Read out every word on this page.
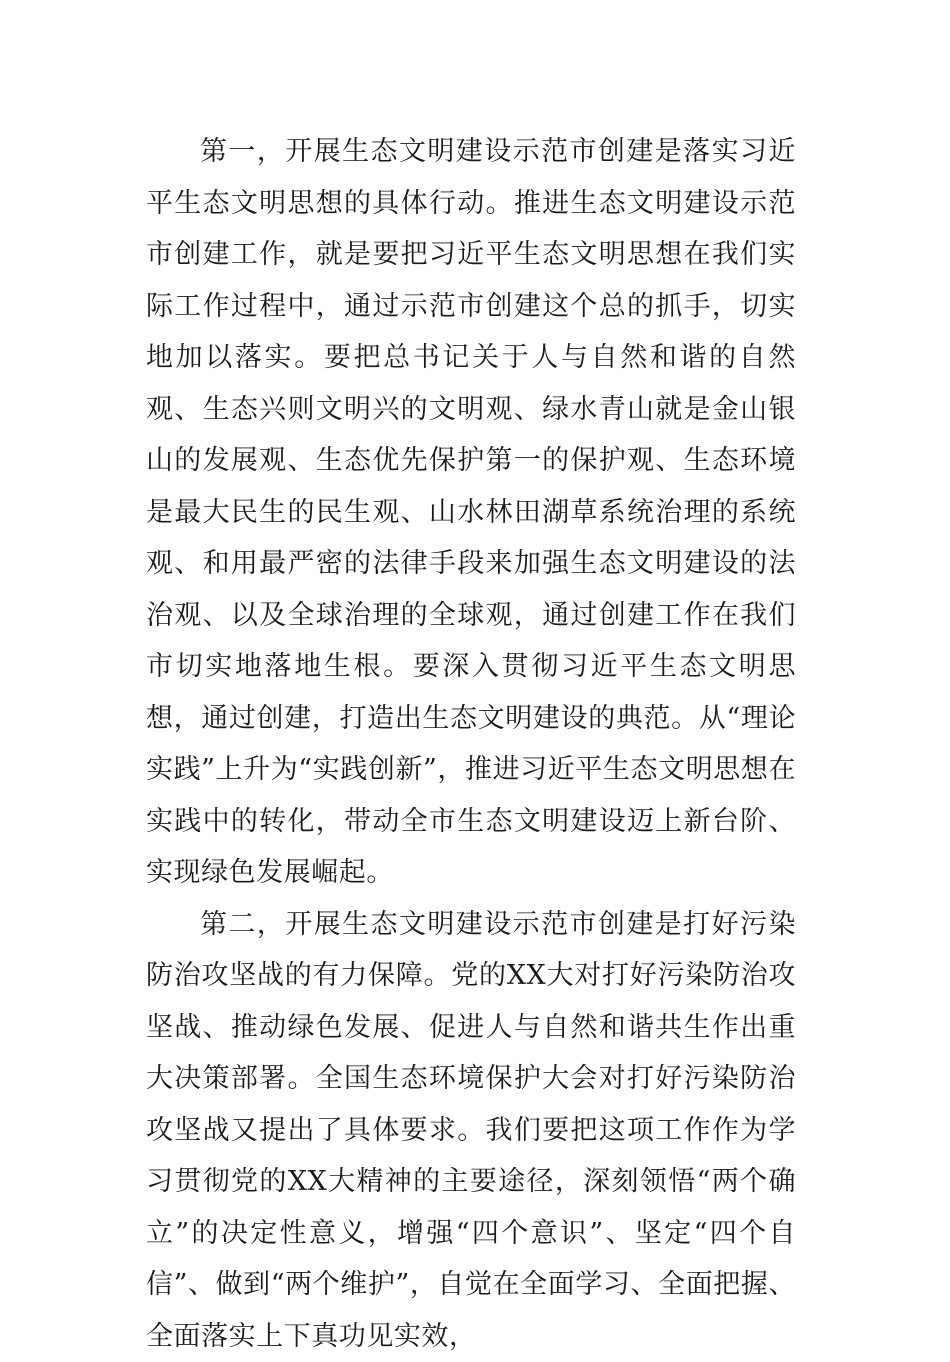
第一，开展生态文明建设示范市创建是落实习近平生态文明思想的具体行动。推进生态文明建设示范市创建工作，就是要把习近平生态文明思想在我们实际工作过程中，通过示范市创建这个总的抓手，切实地加以落实。要把总书记关于人与自然和谐的自然观、生态兴则文明兴的文明观、绿水青山就是金山银山的发展观、生态优先保护第一的保护观、生态环境是最大民生的民生观、山水林田湖草系统治理的系统观、和用最严密的法律手段来加强生态文明建设的法治观、以及全球治理的全球观，通过创建工作在我们市切实地落地生根。要深入贯彻习近平生态文明思想，通过创建，打造出生态文明建设的典范。从“理论实践”上升为“实践创新”，推进习近平生态文明思想在实践中的转化，带动全市生态文明建设迈上新台阶、实现绿色发展崛起。

第二，开展生态文明建设示范市创建是打好污染防治攻坚战的有力保障。党的XX大对打好污染防治攻坚战、推动绿色发展、促进人与自然和谐共生作出重大决策部署。全国生态环境保护大会对打好污染防治攻坚战又提出了具体要求。我们要把这项工作作为学习贯彻党的XX大精神的主要途径，深刻领悟“两个确立”的决定性意义，增强“四个意识”、坚定“四个自信”、做到“两个维护”，自觉在全面学习、全面把握、全面落实上下真功见实效，
